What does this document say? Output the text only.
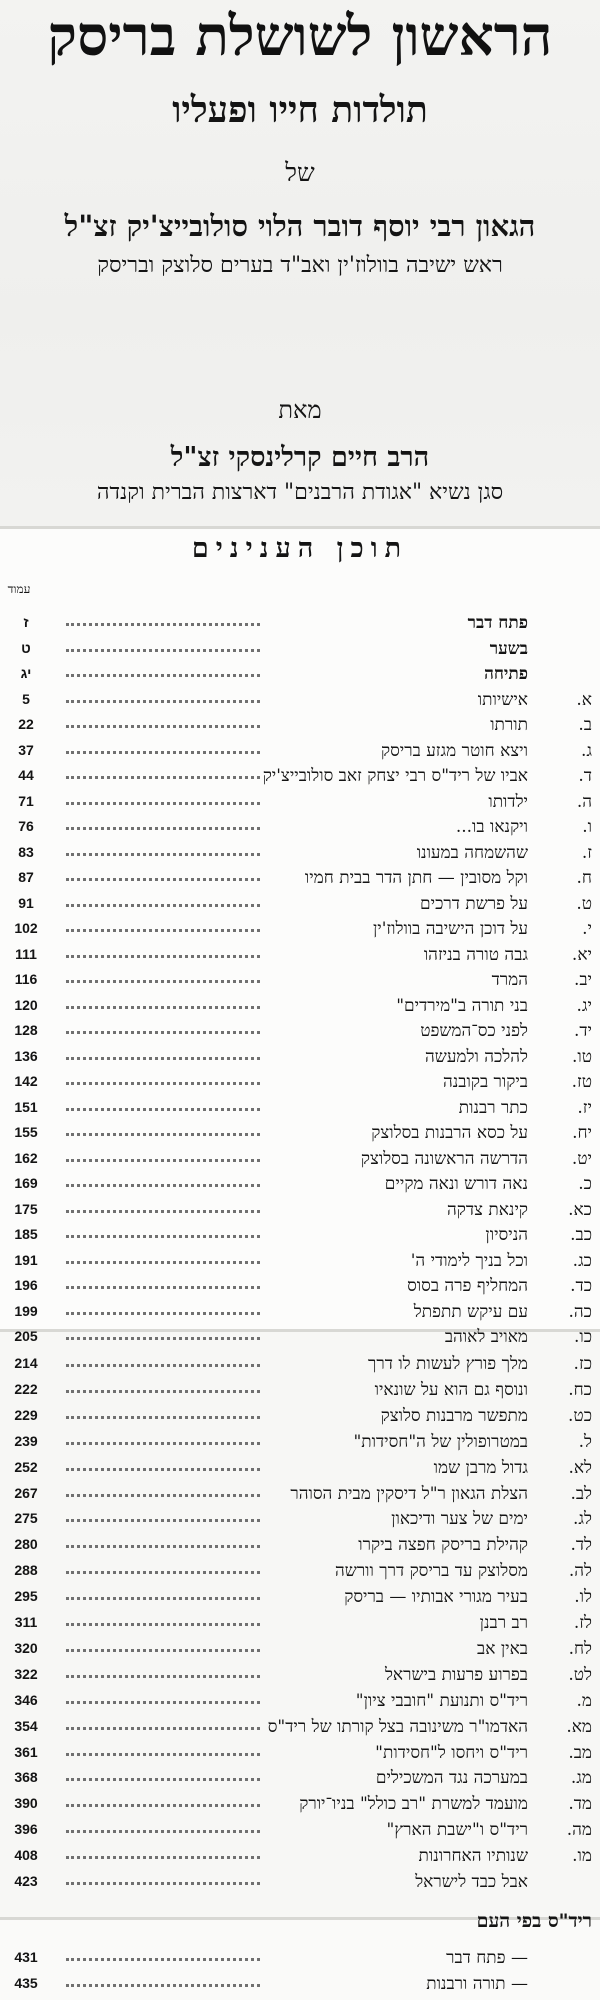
הראשון לשושלת בריסק
תולדות חייו ופעליו
של
הגאון רבי יוסף דובר הלוי סולובייצ'יק זצ"ל
ראש ישיבה בוולוז'ין ואב"ד בערים סלוצק ובריסק
מאת
הרב חיים קרלינסקי זצ"ל
סגן נשיא "אגודת הרבנים" דארצות הברית וקנדה
תוכן הענינים
עמוד
ז	פתח דבר
ט	בשער
יג	פתיחה
5	אישיותו	א.
22	תורתו	ב.
37	ויצא חוטר מגזע בריסק	ג.
44	אביו של ריד"ס רבי יצחק זאב סולובייצ'יק	ד.
71	ילדותו	ה.
76	ויקנאו בו...	ו.
83	שהשמחה במעונו	ז.
87	וקל מסובין — חתן הדר בבית חמיו	ח.
91	על פרשת דרכים	ט.
102	על דוכן הישיבה בוולוז'ין	י.
111	גבה טורה בניזהו	יא.
116	המרד	יב.
120	בני תורה ב"מירדים"	יג.
128	לפני כס־המשפט	יד.
136	להלכה ולמעשה	טו.
142	ביקור בקובנה	טז.
151	כתר רבנות	יז.
155	על כסא הרבנות בסלוצק	יח.
162	הדרשה הראשונה בסלוצק	יט.
169	נאה דורש ונאה מקיים	כ.
175	קינאת צדקה	כא.
185	הניסיון	כב.
191	וכל בניך לימודי ה'	כג.
196	המחליף פרה בסוס	כד.
199	עם עיקש תתפתל	כה.
205	מאויב לאוהב	כו.
214	מלך פורץ לעשות לו דרך	כז.
222	ונוסף גם הוא על שונאיו	כח.
229	מתפשר מרבנות סלוצק	כט.
239	במטרופולין של ה"חסידות"	ל.
252	גדול מרבן שמו	לא.
267	הצלת הגאון ר"ל דיסקין מבית הסוהר	לב.
275	ימים של צער ודיכאון	לג.
280	קהילת בריסק חפצה ביקרו	לד.
288	מסלוצק עד בריסק דרך וורשה	לה.
295	בעיר מגורי אבותיו — בריסק	לו.
311	רב רבנן	לז.
320	באין אב	לח.
322	בפרוע פרעות בישראל	לט.
346	ריד"ס ותנועת "חובבי ציון"	מ.
354	האדמו"ר משינובה בצל קורתו של ריד"ס	מא.
361	ריד"ס ויחסו ל"חסידות"	מב.
368	במערכה נגד המשכילים	מג.
390	מועמד למשרת "רב כולל" בניו־יורק	מד.
396	ריד"ס ו"ישבת הארץ"	מה.
408	שנותיו האחרונות	מו.
423	אבל כבד לישראל
ריד"ס בפי העם
431	— פתח דבר
435	— תורה ורבנות
